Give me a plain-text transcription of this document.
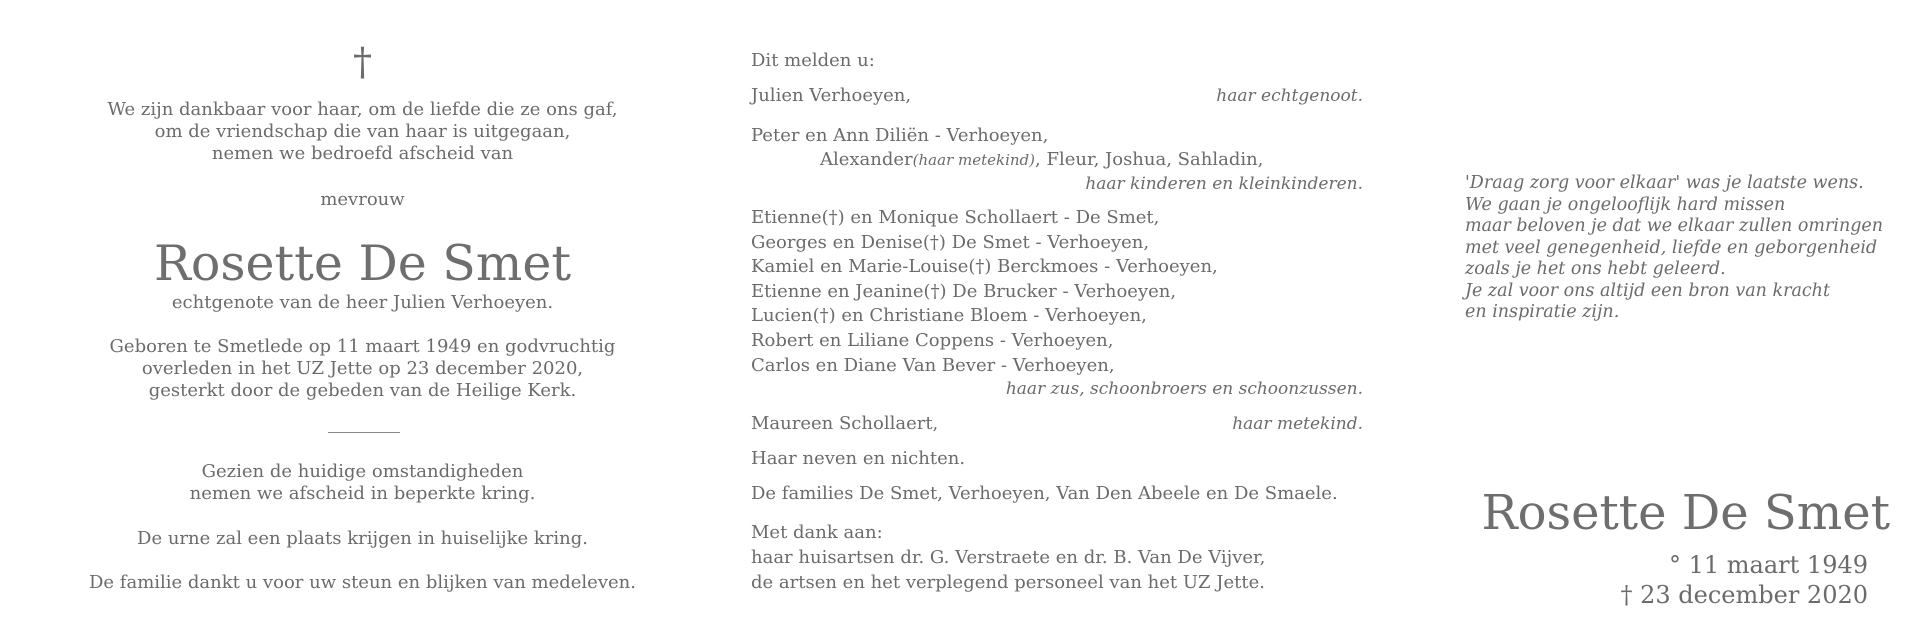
†
We zijn dankbaar voor haar, om de liefde die ze ons gaf,
om de vriendschap die van haar is uitgegaan,
nemen we bedroefd afscheid van
mevrouw
Rosette De Smet
echtgenote van de heer Julien Verhoeyen.
Geboren te Smetlede op 11 maart 1949 en godvruchtig
overleden in het UZ Jette op 23 december 2020,
gesterkt door de gebeden van de Heilige Kerk.
Gezien de huidige omstandigheden
nemen we afscheid in beperkte kring.
De urne zal een plaats krijgen in huiselijke kring.
De familie dankt u voor uw steun en blijken van medeleven.
Dit melden u:
Julien Verhoeyen,	haar echtgenoot.
Peter en Ann Diliën - Verhoeyen,
Alexander(haar metekind), Fleur, Joshua, Sahladin,
haar kinderen en kleinkinderen.
Etienne(†) en Monique Schollaert - De Smet,
Georges en Denise(†) De Smet - Verhoeyen,
Kamiel en Marie-Louise(†) Berckmoes - Verhoeyen,
Etienne en Jeanine(†) De Brucker - Verhoeyen,
Lucien(†) en Christiane Bloem - Verhoeyen,
Robert en Liliane Coppens - Verhoeyen,
Carlos en Diane Van Bever - Verhoeyen,
haar zus, schoonbroers en schoonzussen.
Maureen Schollaert,	haar metekind.
Haar neven en nichten.
De families De Smet, Verhoeyen, Van Den Abeele en De Smaele.
Met dank aan:
haar huisartsen dr. G. Verstraete en dr. B. Van De Vijver,
de artsen en het verplegend personeel van het UZ Jette.
'Draag zorg voor elkaar' was je laatste wens.
We gaan je ongelooflijk hard missen
maar beloven je dat we elkaar zullen omringen
met veel genegenheid, liefde en geborgenheid
zoals je het ons hebt geleerd.
Je zal voor ons altijd een bron van kracht
en inspiratie zijn.
Rosette De Smet
° 11 maart 1949
† 23 december 2020
